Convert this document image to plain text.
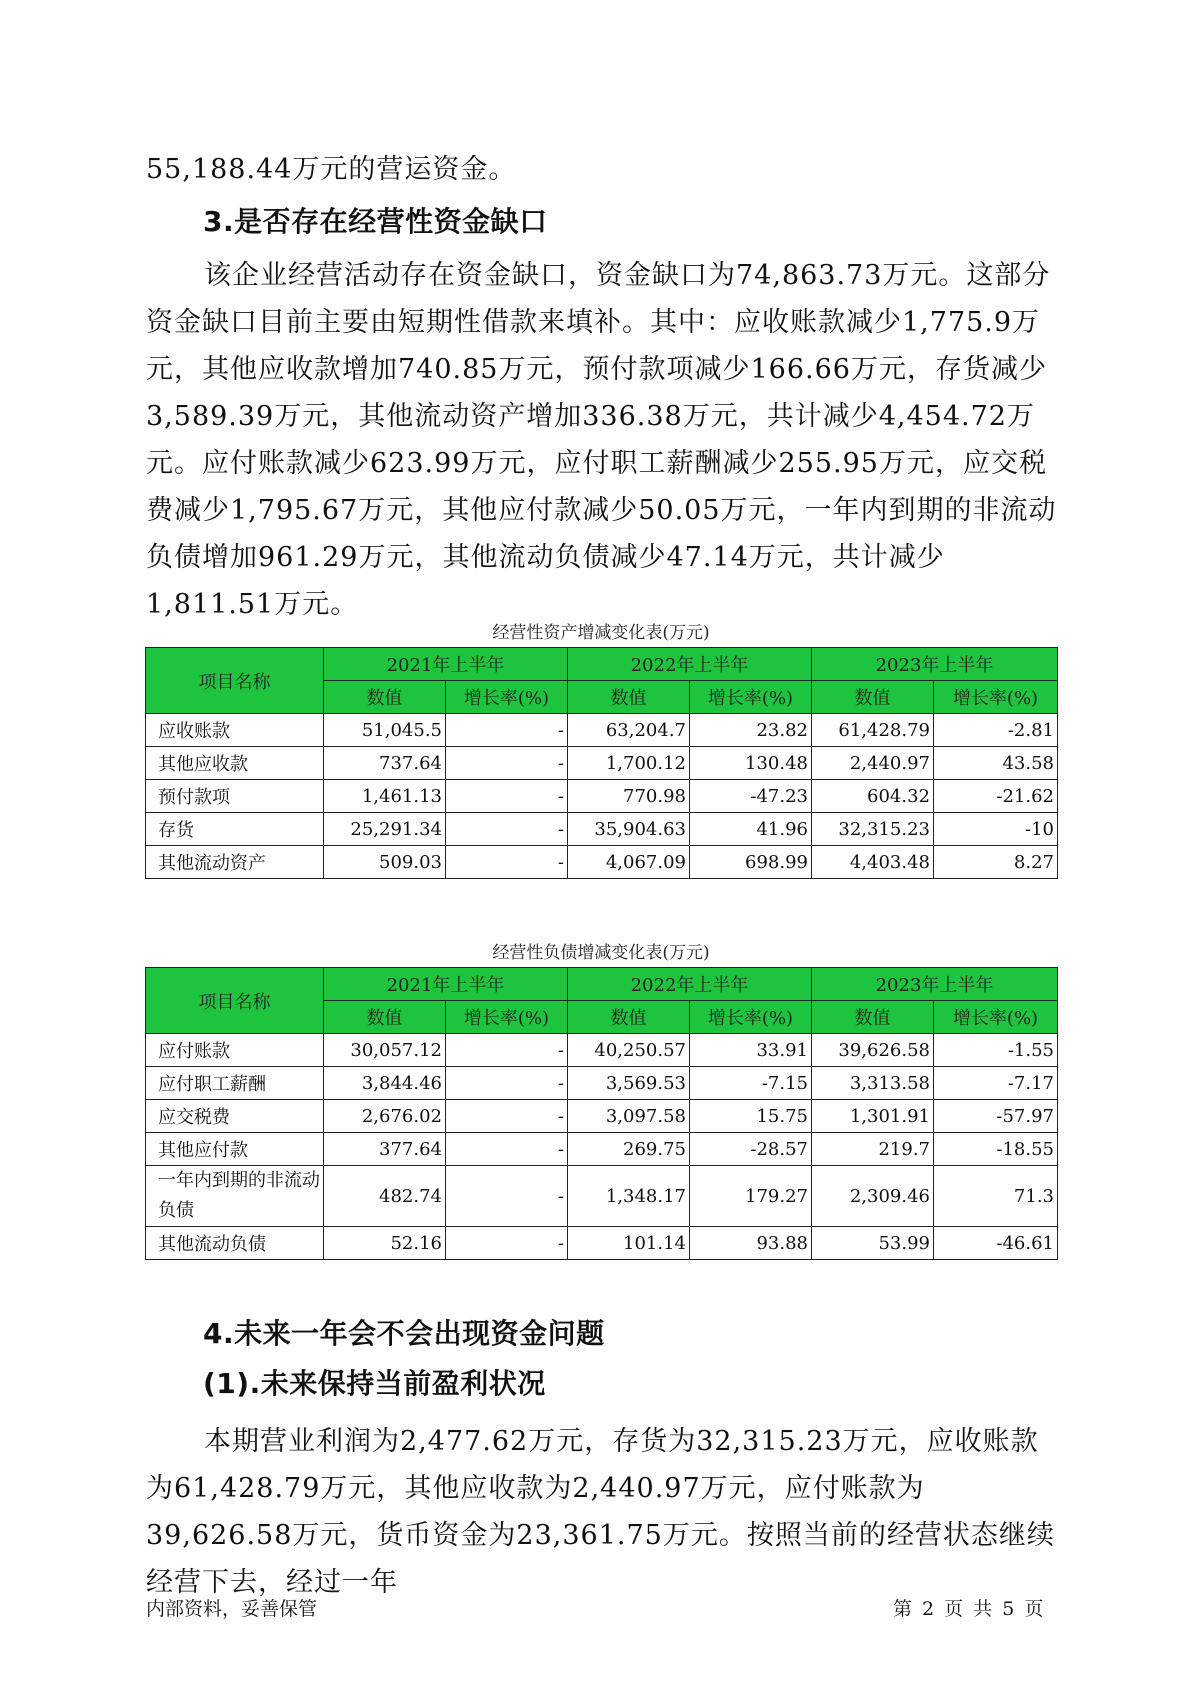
55,188.44万元的营运资金。

3.是否存在经营性资金缺口

该企业经营活动存在资金缺口，资金缺口为74,863.73万元。这部分资金缺口目前主要由短期性借款来填补。其中：应收账款减少1,775.9万元，其他应收款增加740.85万元，预付款项减少166.66万元，存货减少3,589.39万元，其他流动资产增加336.38万元，共计减少4,454.72万元。应付账款减少623.99万元，应付职工薪酬减少255.95万元，应交税费减少1,795.67万元，其他应付款减少50.05万元，一年内到期的非流动负债增加961.29万元，其他流动负债减少47.14万元，共计减少1,811.51万元。

经营性资产增减变化表(万元)

项目名称	2021年上半年		2022年上半年		2023年上半年	
	数值	增长率(%)	数值	增长率(%)	数值	增长率(%)
应收账款	51,045.5	-	63,204.7	23.82	61,428.79	-2.81
其他应收款	737.64	-	1,700.12	130.48	2,440.97	43.58
预付款项	1,461.13	-	770.98	-47.23	604.32	-21.62
存货	25,291.34	-	35,904.63	41.96	32,315.23	-10
其他流动资产	509.03	-	4,067.09	698.99	4,403.48	8.27

经营性负债增减变化表(万元)

项目名称	2021年上半年		2022年上半年		2023年上半年	
	数值	增长率(%)	数值	增长率(%)	数值	增长率(%)
应付账款	30,057.12	-	40,250.57	33.91	39,626.58	-1.55
应付职工薪酬	3,844.46	-	3,569.53	-7.15	3,313.58	-7.17
应交税费	2,676.02	-	3,097.58	15.75	1,301.91	-57.97
其他应付款	377.64	-	269.75	-28.57	219.7	-18.55
一年内到期的非流动负债	482.74	-	1,348.17	179.27	2,309.46	71.3
其他流动负债	52.16	-	101.14	93.88	53.99	-46.61
4.未来一年会不会出现资金问题
(1).未来保持当前盈利状况

本期营业利润为2,477.62万元，存货为32,315.23万元，应收账款为61,428.79万元，其他应收款为2,440.97万元，应付账款为39,626.58万元，货币资金为23,361.75万元。按照当前的经营状态继续经营下去，经过一年

内部资料，妥善保管	第 2 页 共 5 页
